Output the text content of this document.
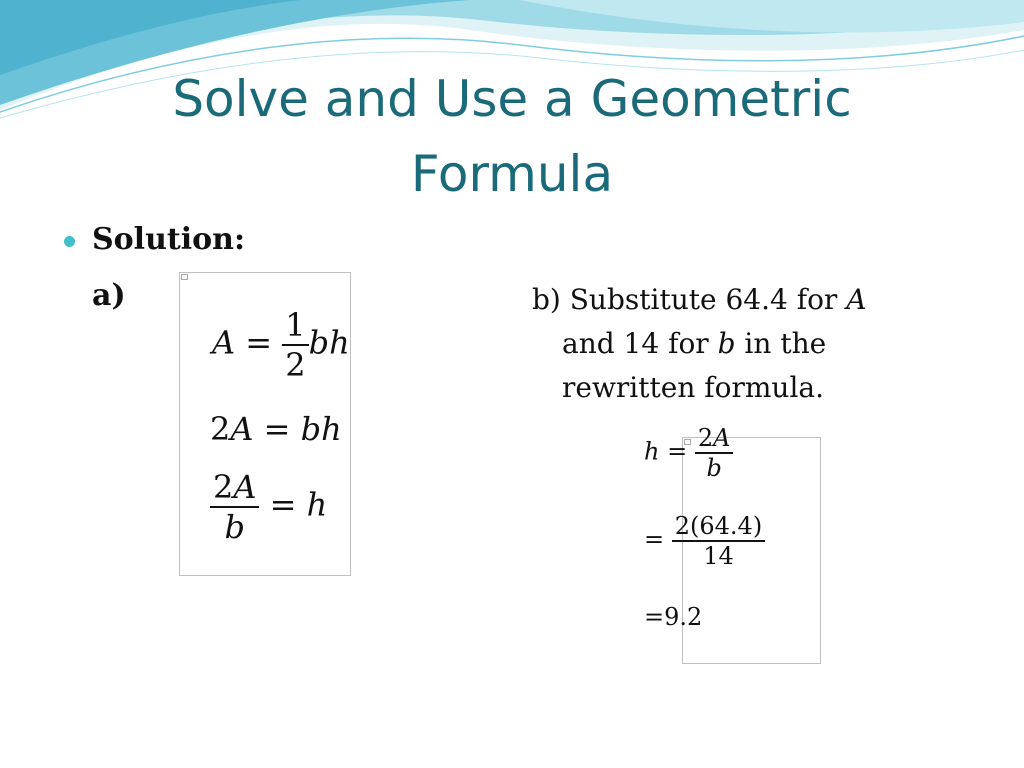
Solve and Use a Geometric
Formula
Solution:
a)	b) Substitute 64.4 for A
and 14 for b in the
rewritten formula.
$A = \frac{1}{2}$ bh
2A = bh
$\frac{2A}{b} = h$
$h = \frac{2A}{b}$
= $\frac{2(64.4)}{14}$
=9.2
